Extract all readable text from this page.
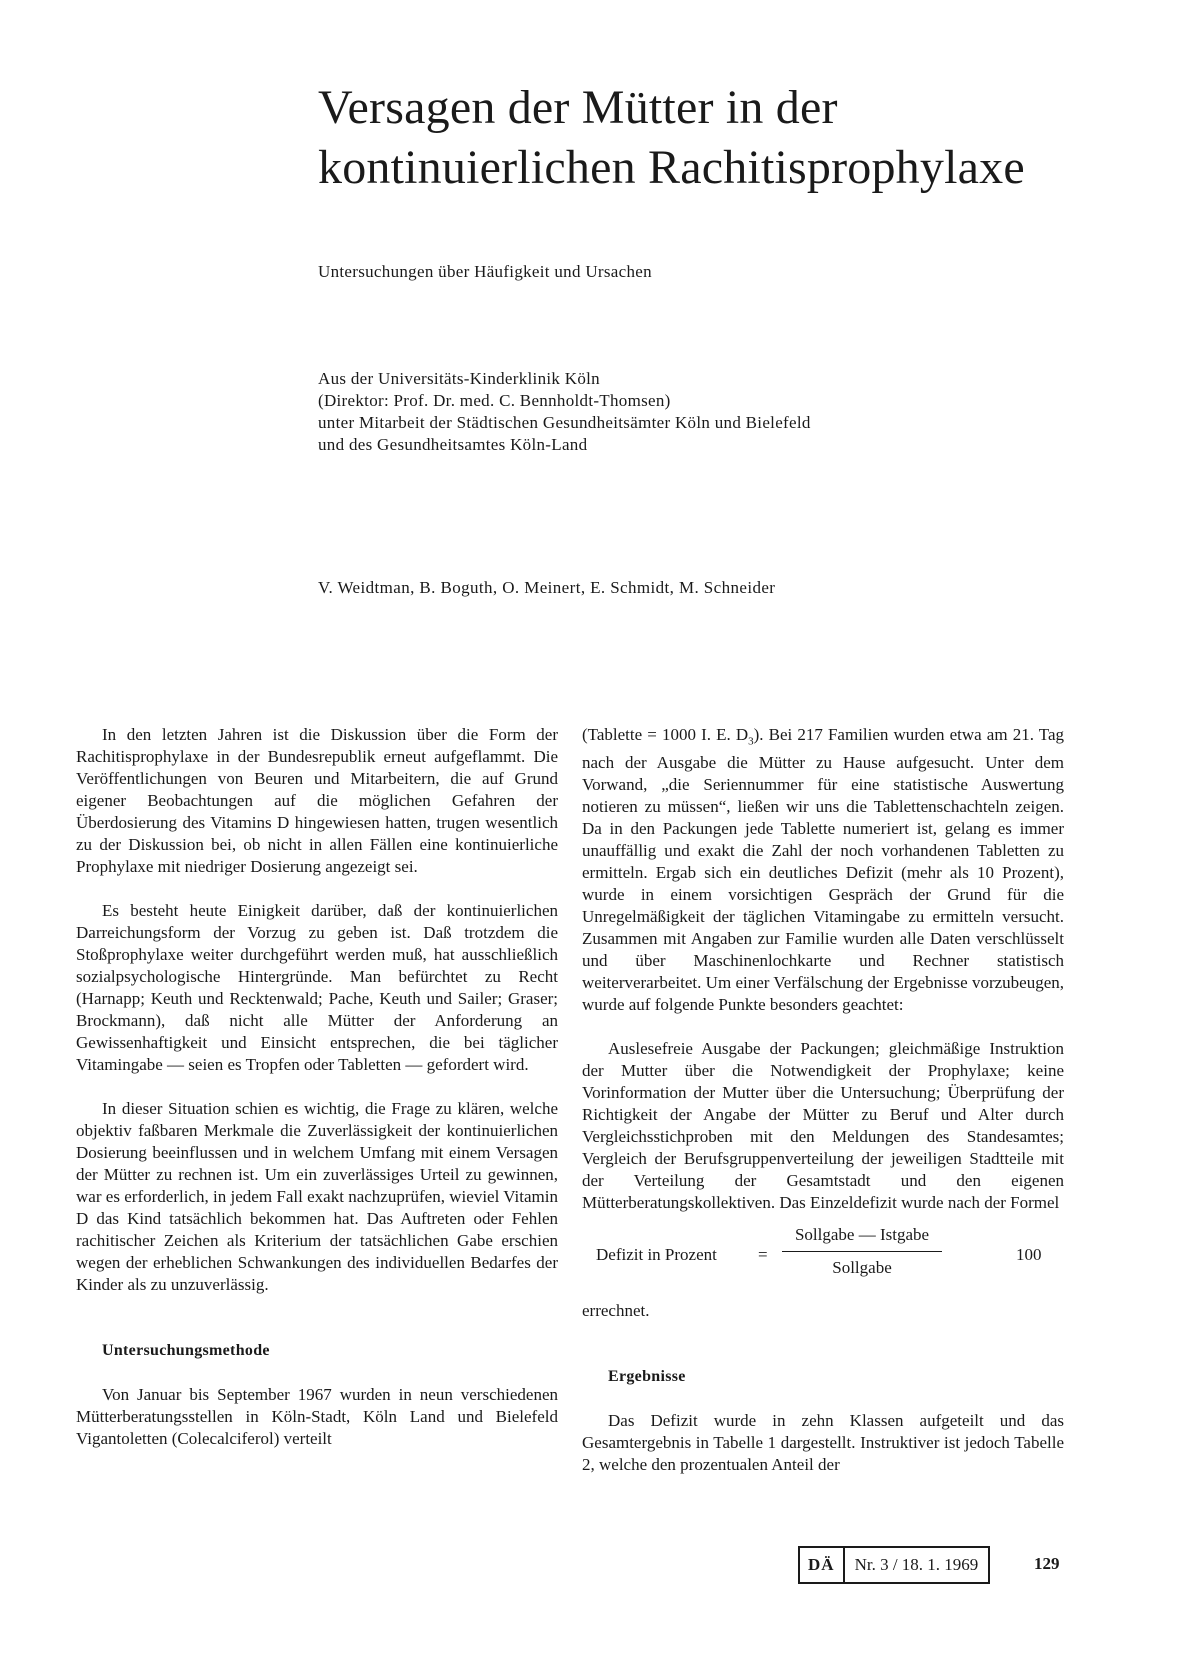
Versagen der Mütter in der
kontinuierlichen Rachitisprophylaxe
Untersuchungen über Häufigkeit und Ursachen
Aus der Universitäts-Kinderklinik Köln
(Direktor: Prof. Dr. med. C. Bennholdt-Thomsen)
unter Mitarbeit der Städtischen Gesundheitsämter Köln und Bielefeld
und des Gesundheitsamtes Köln-Land
V. Weidtman, B. Boguth, O. Meinert, E. Schmidt, M. Schneider

In den letzten Jahren ist die Diskussion über die Form der Rachitisprophylaxe in der Bundesrepublik erneut aufgeflammt. Die Veröffentlichungen von Beuren und Mitarbeitern, die auf Grund eigener Beobachtungen auf die möglichen Gefahren der Überdosierung des Vitamins D hingewiesen hatten, trugen wesentlich zu der Diskussion bei, ob nicht in allen Fällen eine kontinuierliche Prophylaxe mit niedriger Dosierung angezeigt sei.

Es besteht heute Einigkeit darüber, daß der kontinuierlichen Darreichungsform der Vorzug zu geben ist. Daß trotzdem die Stoßprophylaxe weiter durchgeführt werden muß, hat ausschließlich sozialpsychologische Hintergründe. Man befürchtet zu Recht (Harnapp; Keuth und Recktenwald; Pache, Keuth und Sailer; Graser; Brockmann), daß nicht alle Mütter der Anforderung an Gewissenhaftigkeit und Einsicht entsprechen, die bei täglicher Vitamingabe — seien es Tropfen oder Tabletten — gefordert wird.

In dieser Situation schien es wichtig, die Frage zu klären, welche objektiv faßbaren Merkmale die Zuverlässigkeit der kontinuierlichen Dosierung beeinflussen und in welchem Umfang mit einem Versagen der Mütter zu rechnen ist. Um ein zuverlässiges Urteil zu gewinnen, war es erforderlich, in jedem Fall exakt nachzuprüfen, wieviel Vitamin D das Kind tatsächlich bekommen hat. Das Auftreten oder Fehlen rachitischer Zeichen als Kriterium der tatsächlichen Gabe erschien wegen der erheblichen Schwankungen des individuellen Bedarfes der Kinder als zu unzuverlässig.

Untersuchungsmethode

Von Januar bis September 1967 wurden in neun verschiedenen Mütterberatungsstellen in Köln-Stadt, Köln Land und Bielefeld Vigantoletten (Colecalciferol) verteilt

(Tablette = 1000 I. E. $D_3$). Bei 217 Familien wurden etwa am 21. Tag nach der Ausgabe die Mütter zu Hause aufgesucht. Unter dem Vorwand, „die Seriennummer für eine statistische Auswertung notieren zu müssen“, ließen wir uns die Tablettenschachteln zeigen. Da in den Packungen jede Tablette numeriert ist, gelang es immer unauffällig und exakt die Zahl der noch vorhandenen Tabletten zu ermitteln. Ergab sich ein deutliches Defizit (mehr als 10 Prozent), wurde in einem vorsichtigen Gespräch der Grund für die Unregelmäßigkeit der täglichen Vitamingabe zu ermitteln versucht. Zusammen mit Angaben zur Familie wurden alle Daten verschlüsselt und über Maschinenlochkarte und Rechner statistisch weiterverarbeitet. Um einer Verfälschung der Ergebnisse vorzubeugen, wurde auf folgende Punkte besonders geachtet:

Auslesefreie Ausgabe der Packungen; gleichmäßige Instruktion der Mutter über die Notwendigkeit der Prophylaxe; keine Vorinformation der Mutter über die Untersuchung; Überprüfung der Richtigkeit der Angabe der Mütter zu Beruf und Alter durch Vergleichsstichproben mit den Meldungen des Standesamtes; Vergleich der Berufsgruppenverteilung der jeweiligen Stadtteile mit der Verteilung der Gesamtstadt und den eigenen Mütterberatungskollektiven. Das Einzeldefizit wurde nach der Formel

Defizit in Prozent =
Sollgabe — Istgabe
Sollgabe
100

errechnet.

Ergebnisse

Das Defizit wurde in zehn Klassen aufgeteilt und das Gesamtergebnis in Tabelle 1 dargestellt. Instruktiver ist jedoch Tabelle 2, welche den prozentualen Anteil der

DÄ	Nr. 3 / 18. 1. 1969	129
